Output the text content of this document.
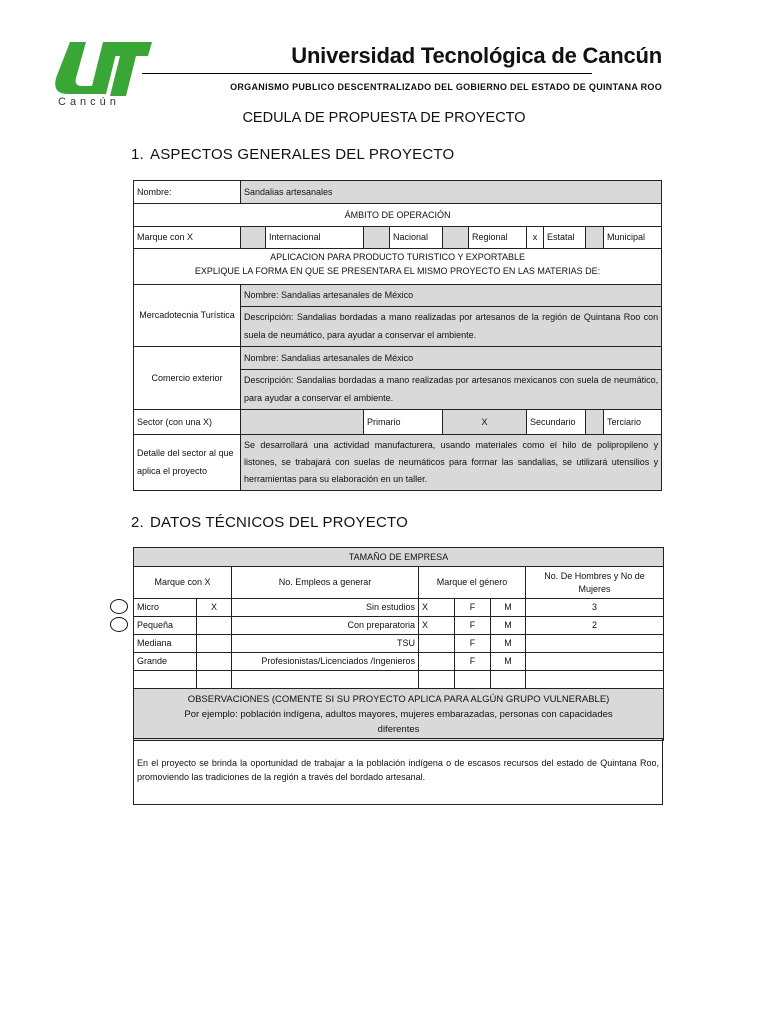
Cancún
Universidad Tecnológica de Cancún
ORGANISMO PUBLICO DESCENTRALIZADO DEL GOBIERNO DEL ESTADO DE QUINTANA ROO
CEDULA DE PROPUESTA DE PROYECTO
1. ASPECTOS GENERALES DEL PROYECTO
Nombre:	Sandalias artesanales									
ÁMBITO DE OPERACIÓN										
Marque con X		Internacional		Nacional		Regional	x	Estatal		Municipal

APLICACION PARA PRODUCTO TURISTICO Y EXPORTABLE
EXPLIQUE LA FORMA EN QUE SE PRESENTARA EL MISMO PROYECTO EN LAS MATERIAS DE:										

Mercadotecnia Turística	Nombre: Sandalias artesanales de México									
	Descripción: Sandalias bordadas a mano realizadas por artesanos de la región de Quintana Roo con suela de neumático, para ayudar a conservar el ambiente.									
Comercio exterior	Nombre: Sandalias artesanales de México									
	Descripción: Sandalias bordadas a mano realizadas por artesanos mexicanos con suela de neumático, para ayudar a conservar el ambiente.									
Sector (con una X)			Primario		X		Secundario			Terciario
Detalle del sector al que aplica el proyecto	Se desarrollará una actividad manufacturera, usando materiales como el hilo de polipropileno y listones, se trabajará con suelas de neumáticos para formar las sandalias, se utilizará utensilios y herramientas para su elaboración en un taller.									
2. DATOS TÉCNICOS DEL PROYECTO
TAMAÑO DE EMPRESA						
Marque con X		No. Empleos a generar	Marque el género			No. De Hombres y No de Mujeres
Micro	X	Sin estudios	X	F	M	3
Pequeña		Con preparatoria	X	F	M	2
Mediana		TSU		F	M	
Grande		Profesionistas/Licenciados /Ingenieros		F	M	

OBSERVACIONES (COMENTE SI SU PROYECTO APLICA PARA ALGÚN GRUPO VULNERABLE)
Por ejemplo: población indígena, adultos mayores, mujeres embarazadas, personas con capacidades diferentes						
En el proyecto se brinda la oportunidad de trabajar a la población indígena o de escasos recursos del estado de Quintana Roo, promoviendo las tradiciones de la región a través del bordado artesanal.
